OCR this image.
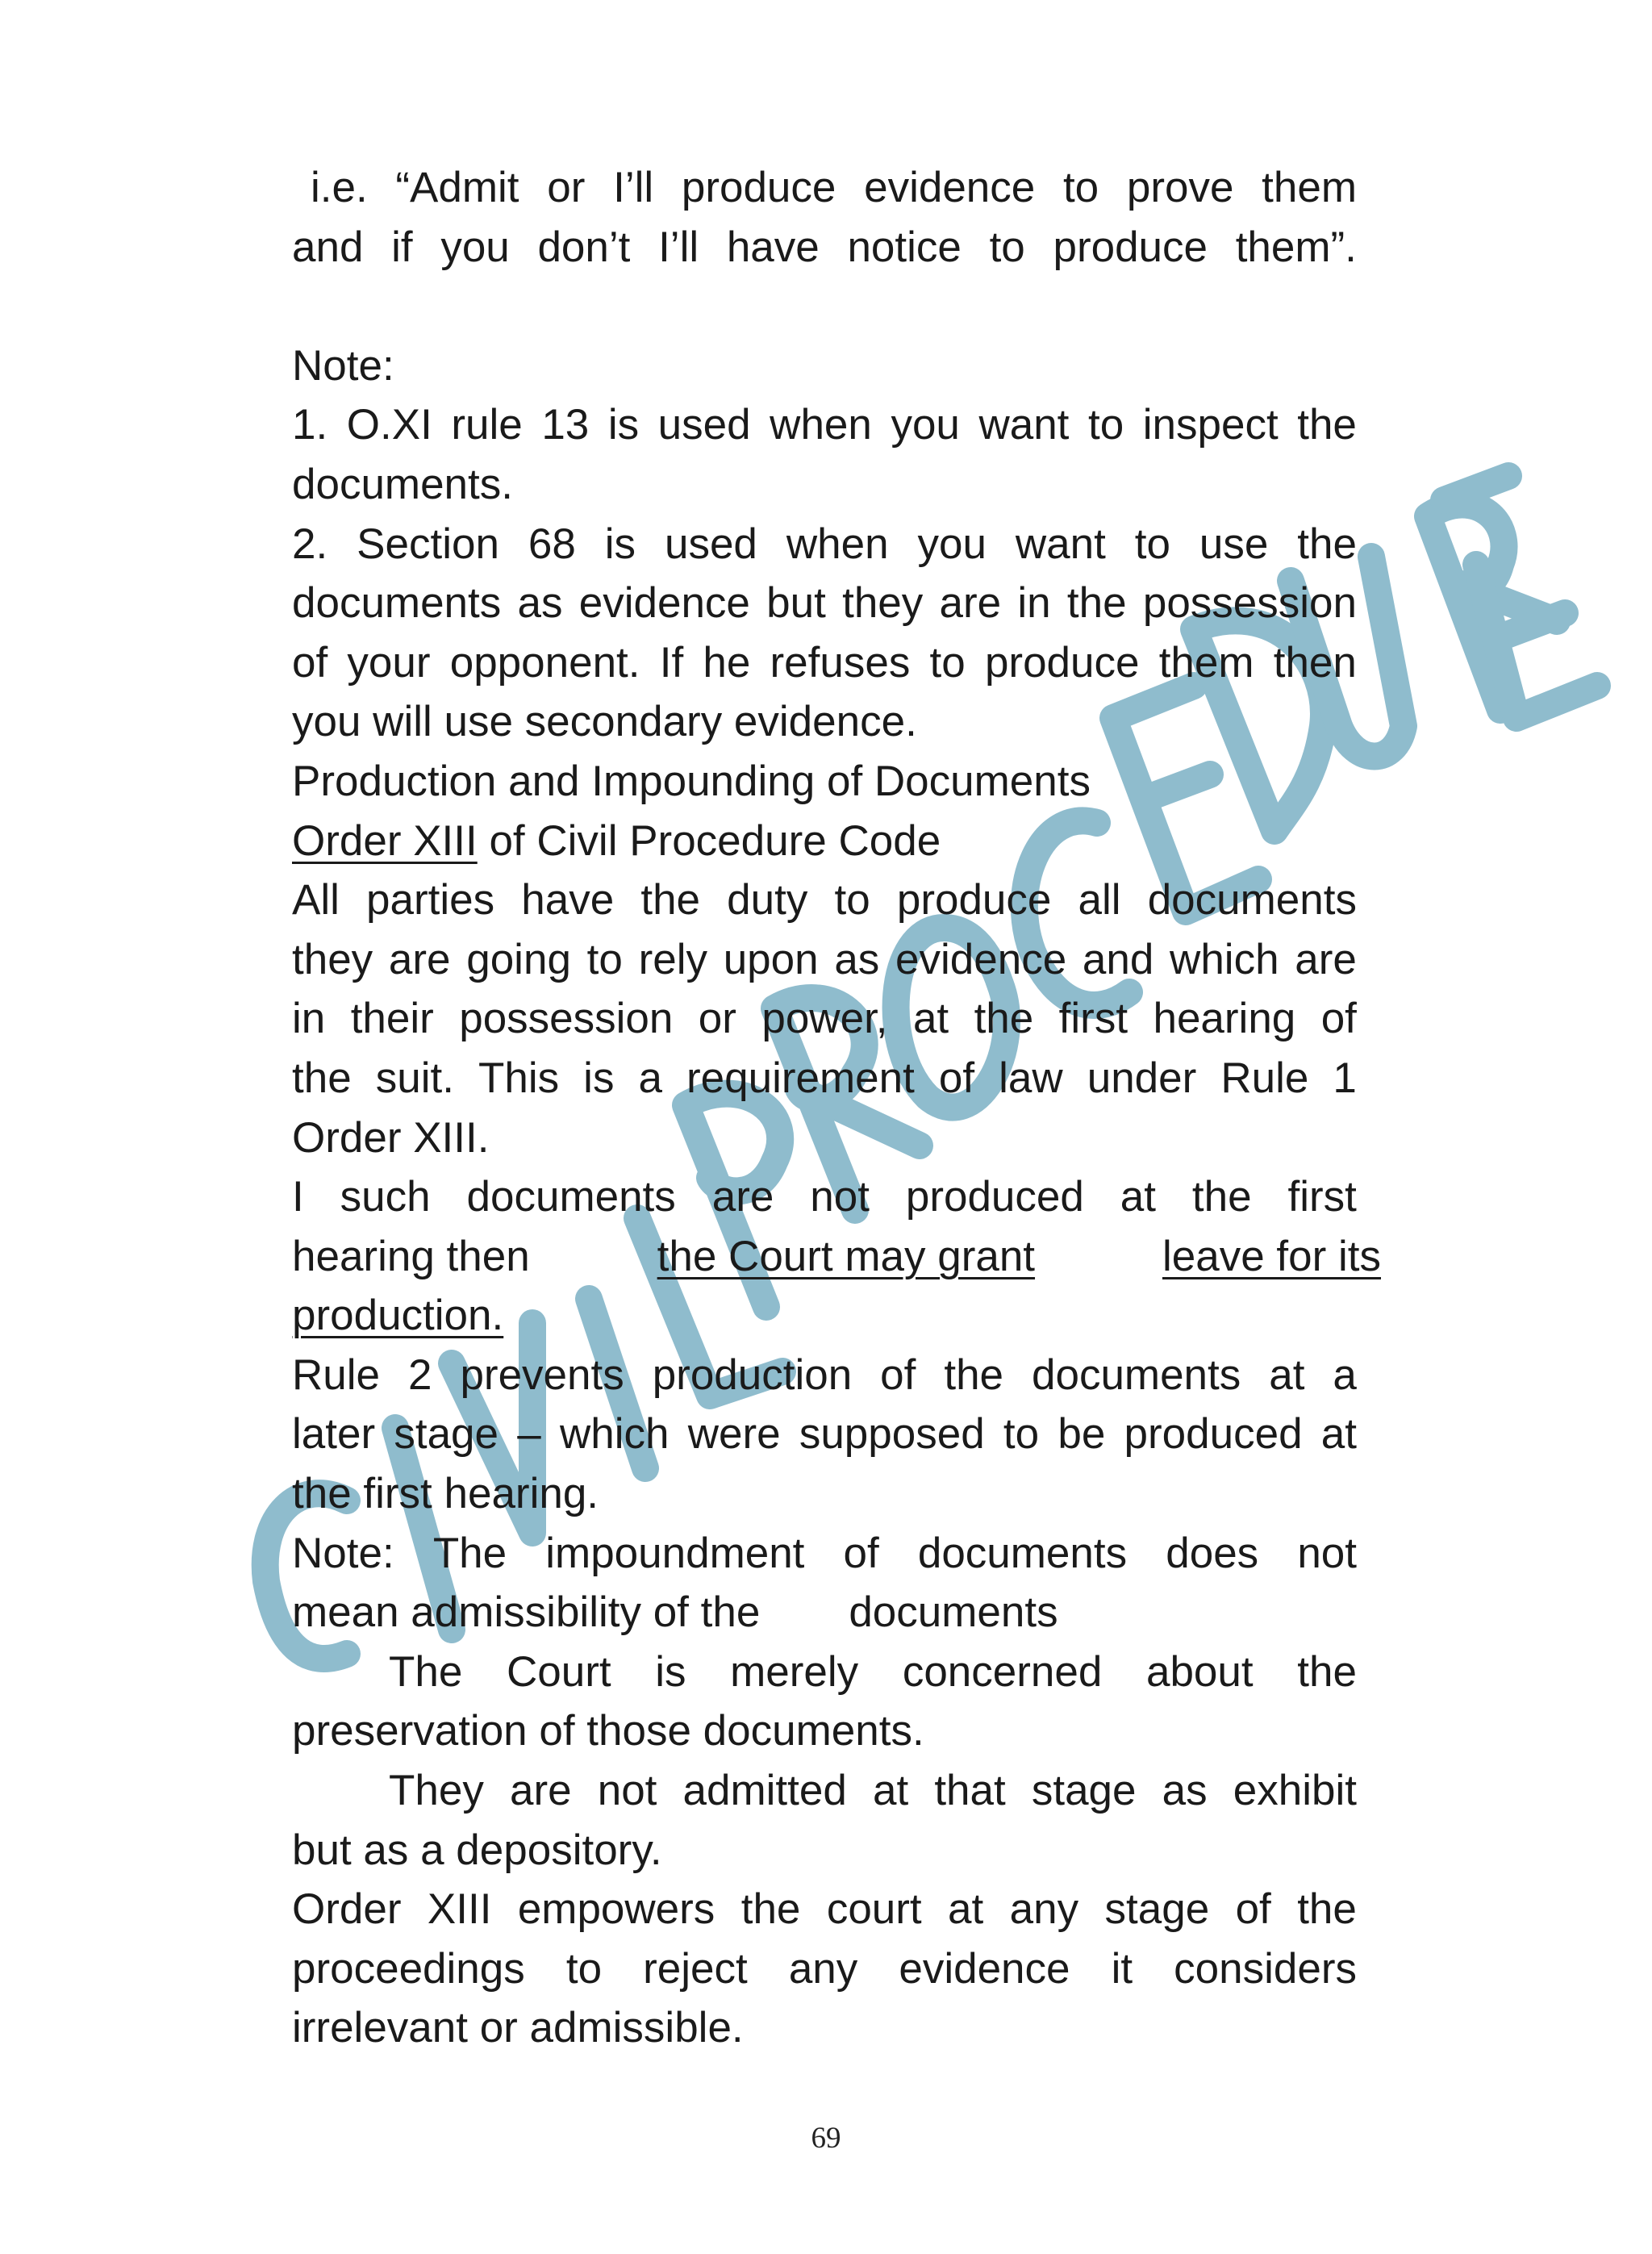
i.e. “Admit or I’ll produce evidence to prove them
and if you don’t I’ll have notice to produce them”.
Note:
1. O.XI rule 13 is used when you want to inspect the
documents.
2. Section 68 is used when you want to use the
documents as evidence but they are in the possession
of your opponent. If he refuses to produce them then
you will use secondary evidence.
Production and Impounding of Documents
Order XIII of Civil Procedure Code
All parties have the duty to produce all documents
they are going to rely upon as evidence and which are
in their possession or power, at the first hearing of
the suit. This is a requirement of law under Rule 1
Order XIII.
I such documents are not produced at the first
hearing then	the Court may grant	leave for its
production.
Rule 2 prevents production of the documents at a
later stage – which were supposed to be produced at
the first hearing.
Note: The impoundment of documents does not
mean admissibility of the documents
The Court is merely concerned about the
preservation of those documents.
They are not admitted at that stage as exhibit
but as a depository.
Order XIII empowers the court at any stage of the
proceedings to reject any evidence it considers
irrelevant or admissible.
69
